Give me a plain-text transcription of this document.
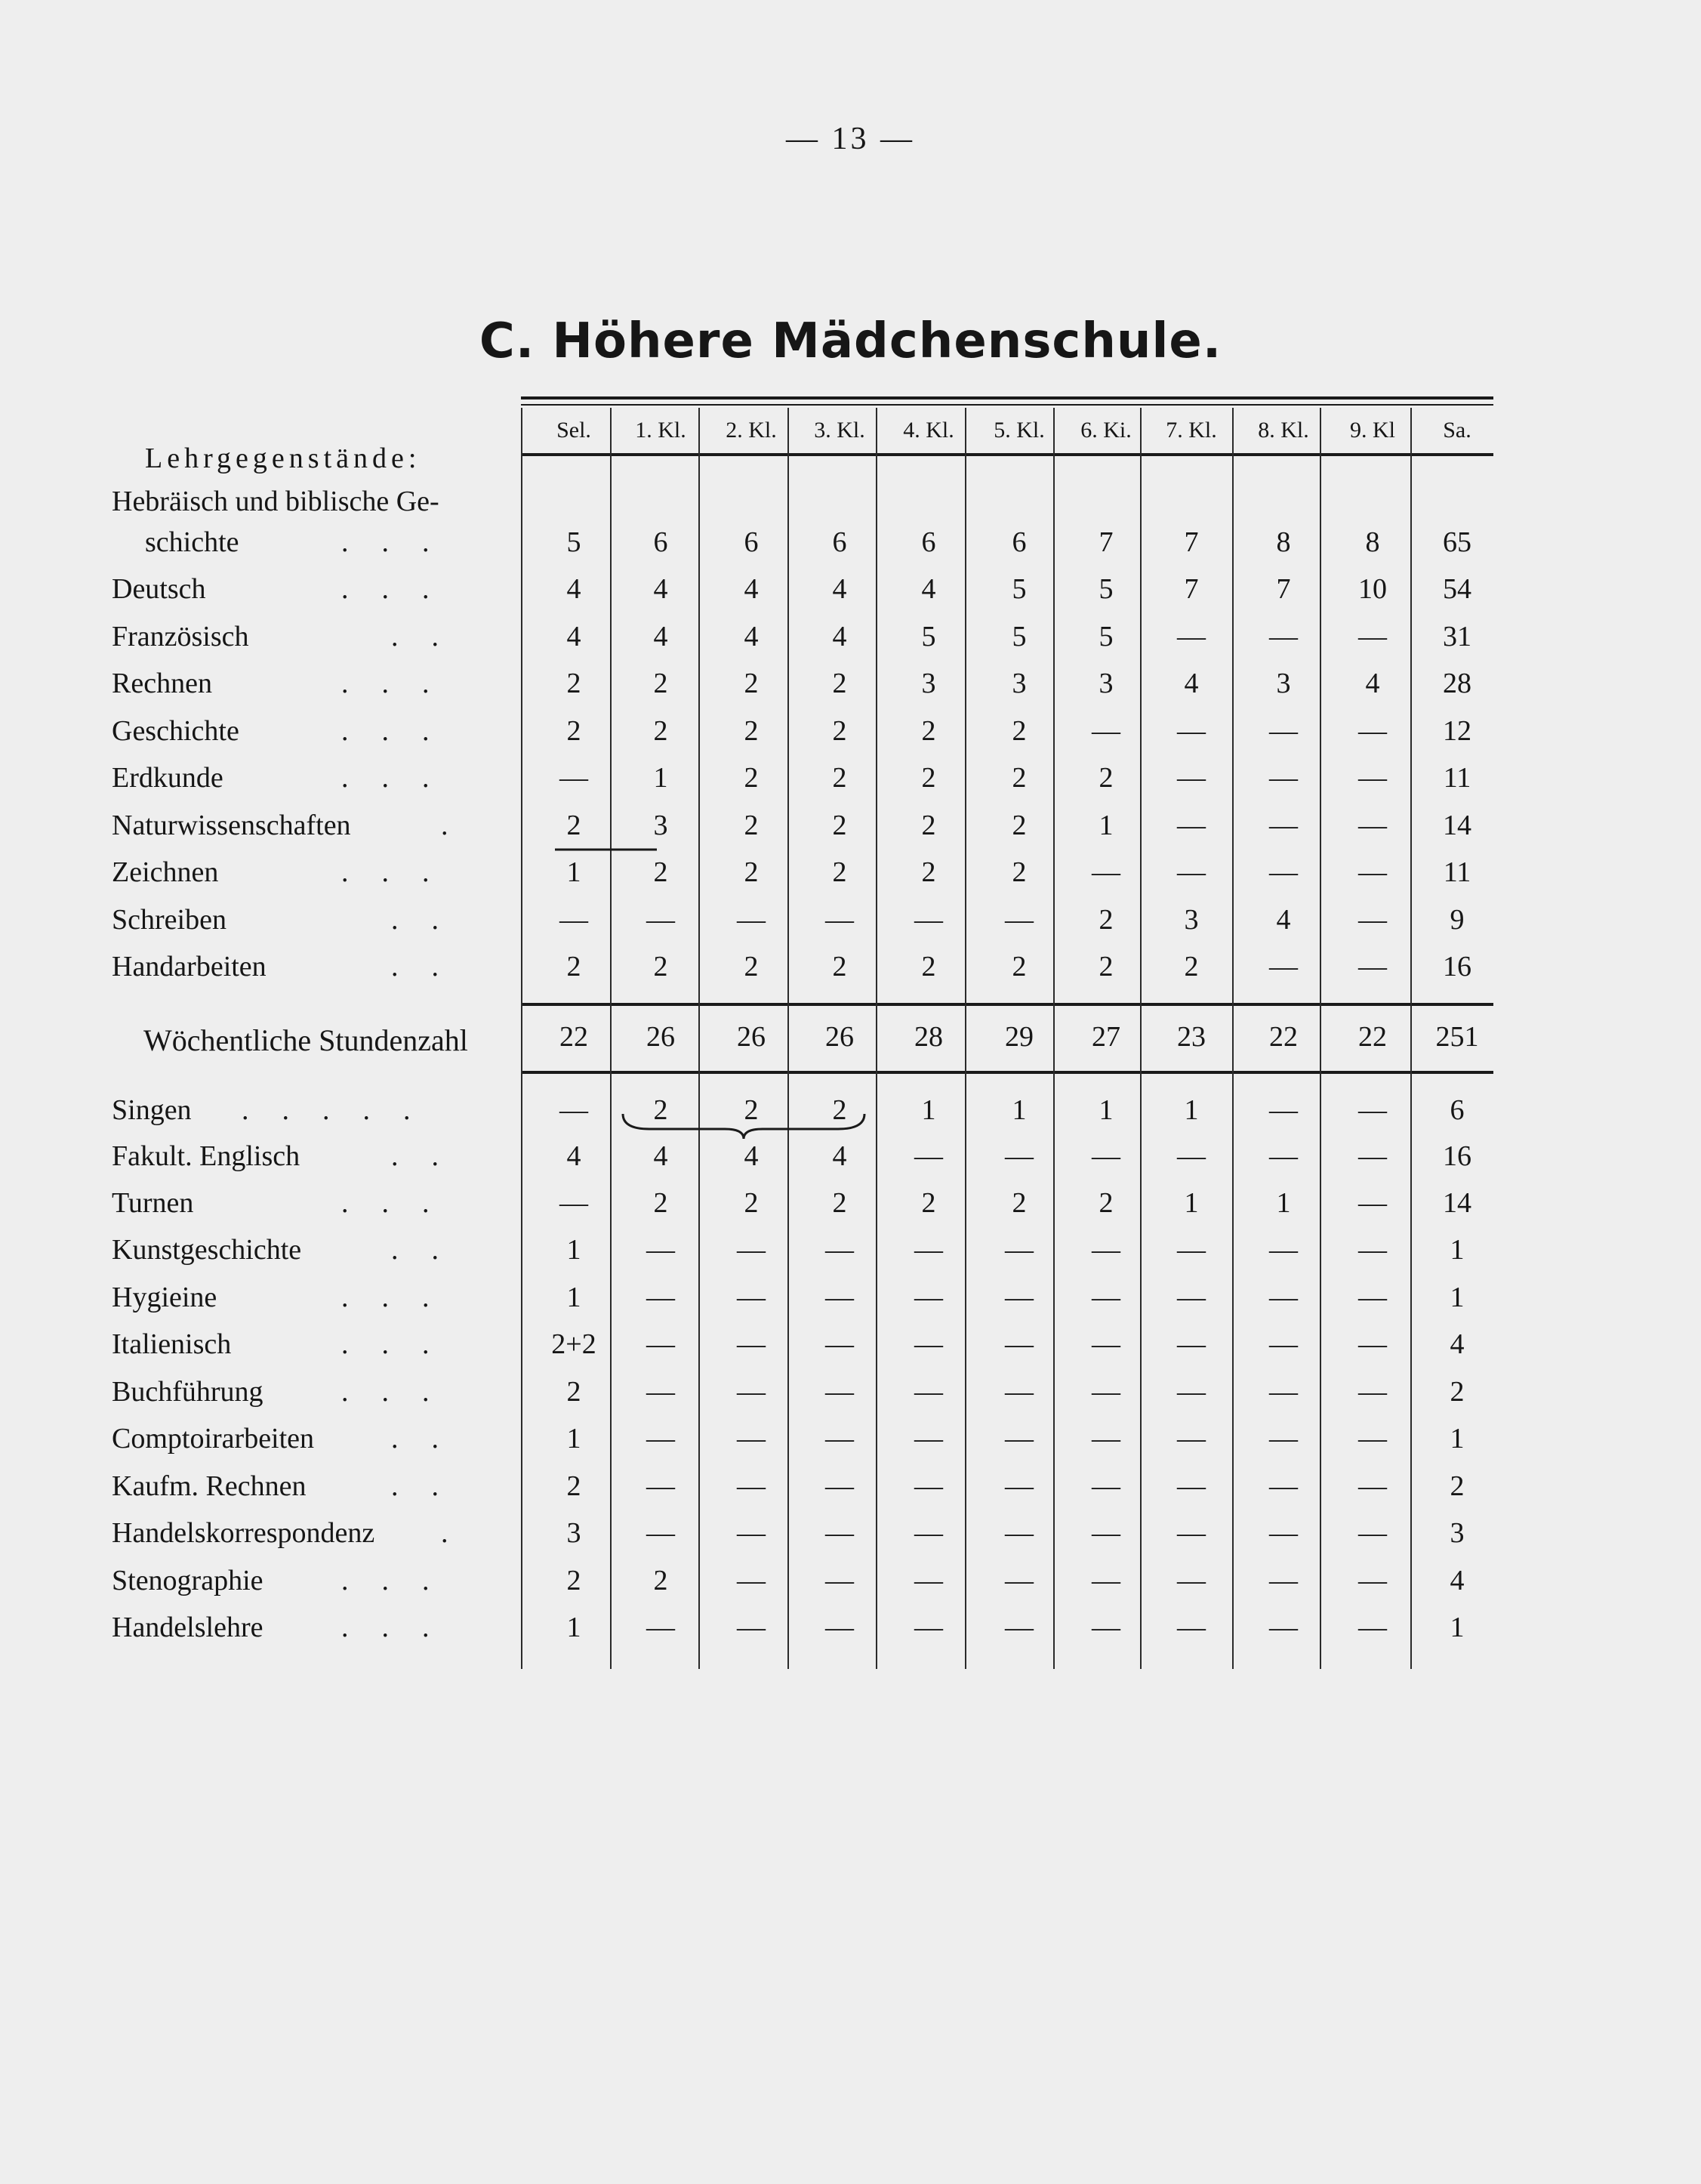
— 13 —
C. Höhere Mädchenschule.
Sel.	1. Kl.	2. Kl.	3. Kl.	4. Kl.	5. Kl.	6. Ki.	7. Kl.	8. Kl.	9. Kl	Sa.
Lehrgegenstände:
Hebräisch und biblische Ge-
schichte	...	5	6	6	6	6	6	7	7	8	8	65
Deutsch	...	4	4	4	4	4	5	5	7	7	10	54
Französisch	..	4	4	4	4	5	5	5	—	—	—	31
Rechnen	...	2	2	2	2	3	3	3	4	3	4	28
Geschichte	...	2	2	2	2	2	2	—	—	—	—	12
Erdkunde	...	—	1	2	2	2	2	2	—	—	—	11
Naturwissenschaften	.	2	3	2	2	2	2	1	—	—	—	14
Zeichnen	...	1	2	2	2	2	2	—	—	—	—	11
Schreiben	..	—	—	—	—	—	—	2	3	4	—	9
Handarbeiten	..	2	2	2	2	2	2	2	2	—	—	16
Wöchentliche Stundenzahl	22	26	26	26	28	29	27	23	22	22	251
Singen .....	—	2	2	2	1	1	1	1	—	—	6
Fakult. Englisch	..	4	4	4	4	—	—	—	—	—	—	16
Turnen	...	—	2	2	2	2	2	2	1	1	—	14
Kunstgeschichte	..	1	—	—	—	—	—	—	—	—	—	1
Hygieine	...	1	—	—	—	—	—	—	—	—	—	1
Italienisch	...	2+2	—	—	—	—	—	—	—	—	—	4
Buchführung	...	2	—	—	—	—	—	—	—	—	—	2
Comptoirarbeiten	..	1	—	—	—	—	—	—	—	—	—	1
Kaufm. Rechnen	..	2	—	—	—	—	—	—	—	—	—	2
Handelskorrespondenz .	3	—	—	—	—	—	—	—	—	—	3
Stenographie	...	2	2	—	—	—	—	—	—	—	—	4
Handelslehre	...	1	—	—	—	—	—	—	—	—	—	1
